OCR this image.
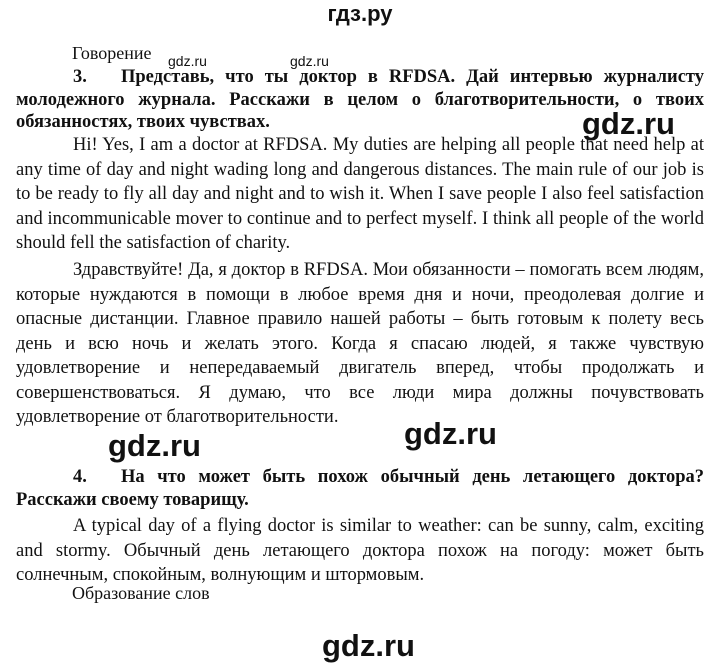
гдз.ру
Говорение gdz.ru	gdz.ru
3. Представь, что ты доктор в RFDSA. Дай интервью журналисту молодежного журнала. Расскажи в целом о благотворительности, о твоих обязанностях, твоих чувствах.	gdz.ru

Hi! Yes, I am a doctor at RFDSA. My duties are helping all people that need help at any time of day and night wading long and dangerous distances. The main rule of our job is to be ready to fly all day and night and to wish it. When I save people I also feel satisfaction and incommunicable mover to continue and to perfect myself. I think all people of the world should fell the satisfaction of charity.

Здравствуйте! Да, я доктор в RFDSA. Мои обязанности – помогать всем людям, которые нуждаются в помощи в любое время дня и ночи, преодолевая долгие и опасные дистанции. Главное правило нашей работы – быть готовым к полету весь день и всю ночь и желать этого. Когда я спасаю людей, я также чувствую удовлетворение и непередаваемый двигатель вперед, чтобы продолжать и совершенствоваться. Я думаю, что все люди мира должны почувствовать удовлетворение от благотворительности.

gdz.ru	gdz.ru
4. На что может быть похож обычный день летающего доктора? Расскажи своему товарищу.

A typical day of a flying doctor is similar to weather: can be sunny, calm, exciting and stormy. Обычный день летающего доктора похож на погоду: может быть солнечным, спокойным, волнующим и штормовым.

Образование слов
gdz.ru
